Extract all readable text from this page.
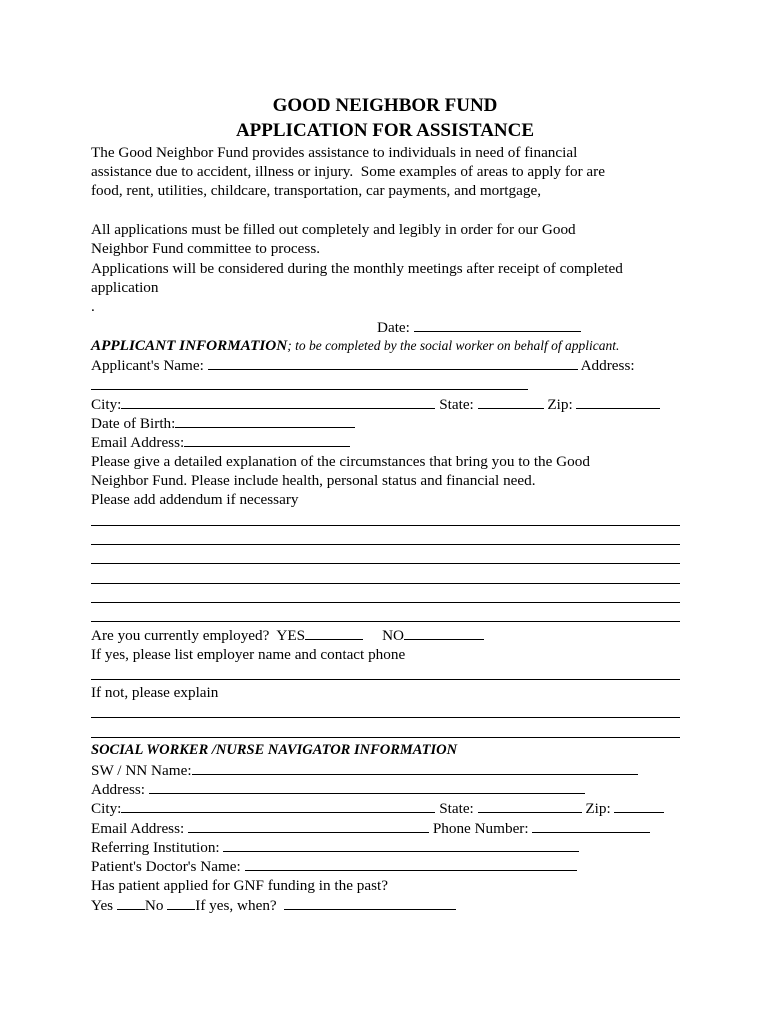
GOOD NEIGHBOR FUND
APPLICATION FOR ASSISTANCE
The Good Neighbor Fund provides assistance to individuals in need of financial
assistance due to accident, illness or injury.  Some examples of areas to apply for are
food, rent, utilities, childcare, transportation, car payments, and mortgage,
All applications must be filled out completely and legibly in order for our Good
Neighbor Fund committee to process.
Applications will be considered during the monthly meetings after receipt of completed
application
.
Date:
APPLICANT INFORMATION; to be completed by the social worker on behalf of applicant.
Applicant's Name:	Address:
City:	State:	Zip:
Date of Birth:
Email Address:
Please give a detailed explanation of the circumstances that bring you to the Good
Neighbor Fund. Please include health, personal status and financial need.
Please add addendum if necessary
Are you currently employed?  YES	NO
If yes, please list employer name and contact phone
If not, please explain
SOCIAL WORKER /NURSE NAVIGATOR INFORMATION
SW / NN Name:
Address:
City:	State:	Zip:
Email Address:	Phone Number:
Referring Institution:
Patient's Doctor's Name:
Has patient applied for GNF funding in the past?
Yes No If yes, when?
